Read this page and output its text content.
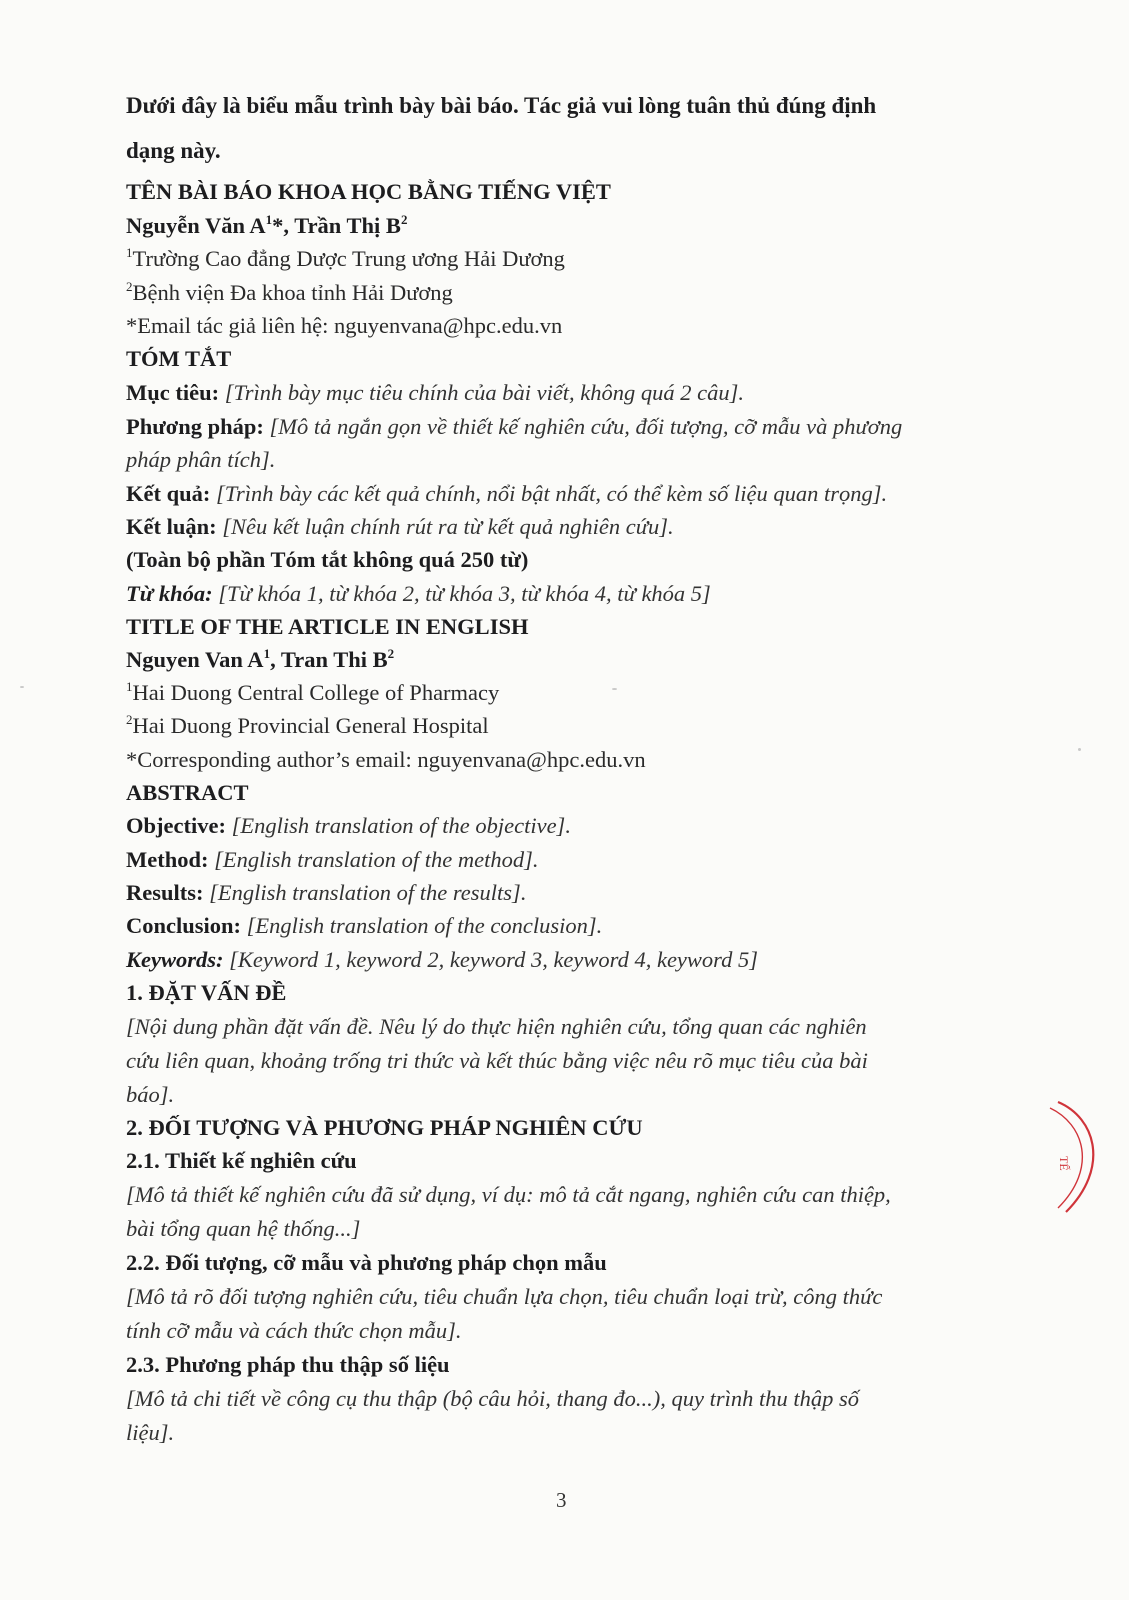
Dưới đây là biểu mẫu trình bày bài báo. Tác giả vui lòng tuân thủ đúng định
dạng này.
TÊN BÀI BÁO KHOA HỌC BẰNG TIẾNG VIỆT
Nguyễn Văn $A^1*$, Trần Thị $B^2$
$^1$Trường Cao đẳng Dược Trung ương Hải Dương
$^2$Bệnh viện Đa khoa tỉnh Hải Dương
*Email tác giả liên hệ: nguyenvana@hpc.edu.vn
TÓM TẮT
Mục tiêu: [Trình bày mục tiêu chính của bài viết, không quá 2 câu].
Phương pháp: [Mô tả ngắn gọn về thiết kế nghiên cứu, đối tượng, cỡ mẫu và phương
pháp phân tích].
Kết quả: [Trình bày các kết quả chính, nổi bật nhất, có thể kèm số liệu quan trọng].
Kết luận: [Nêu kết luận chính rút ra từ kết quả nghiên cứu].
(Toàn bộ phần Tóm tắt không quá 250 từ)
Từ khóa: [Từ khóa 1, từ khóa 2, từ khóa 3, từ khóa 4, từ khóa 5]
TITLE OF THE ARTICLE IN ENGLISH
Nguyen Van $A^1$, Tran Thi $B^2$
$^1$Hai Duong Central College of Pharmacy
$^2$Hai Duong Provincial General Hospital
*Corresponding author’s email: nguyenvana@hpc.edu.vn
ABSTRACT
Objective: [English translation of the objective].
Method: [English translation of the method].
Results: [English translation of the results].
Conclusion: [English translation of the conclusion].
Keywords: [Keyword 1, keyword 2, keyword 3, keyword 4, keyword 5]
1. ĐẶT VẤN ĐỀ
[Nội dung phần đặt vấn đề. Nêu lý do thực hiện nghiên cứu, tổng quan các nghiên
cứu liên quan, khoảng trống tri thức và kết thúc bằng việc nêu rõ mục tiêu của bài
báo].
2. ĐỐI TƯỢNG VÀ PHƯƠNG PHÁP NGHIÊN CỨU
2.1. Thiết kế nghiên cứu
[Mô tả thiết kế nghiên cứu đã sử dụng, ví dụ: mô tả cắt ngang, nghiên cứu can thiệp,
bài tổng quan hệ thống...]
2.2. Đối tượng, cỡ mẫu và phương pháp chọn mẫu
[Mô tả rõ đối tượng nghiên cứu, tiêu chuẩn lựa chọn, tiêu chuẩn loại trừ, công thức
tính cỡ mẫu và cách thức chọn mẫu].
2.3. Phương pháp thu thập số liệu
[Mô tả chi tiết về công cụ thu thập (bộ câu hỏi, thang đo...), quy trình thu thập số
liệu].
3
TẾ
